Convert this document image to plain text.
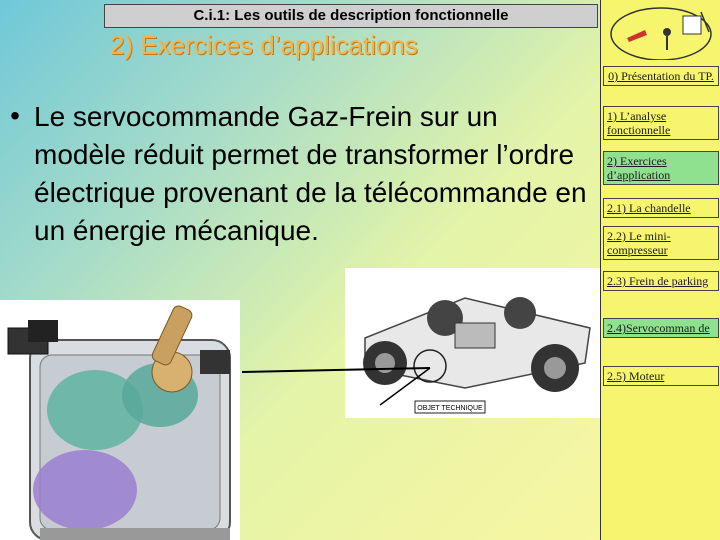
C.i.1: Les outils de description fonctionnelle
2) Exercices d’applications
• Le servocommande Gaz-Frein sur un modèle réduit permet de transformer l’ordre électrique provenant de la télécommande en un énergie mécanique.
OBJET TECHNIQUE
0) Présentation du TP.
1) L’analyse fonctionnelle
2) Exercices d’application
2.1) La chandelle
2.2) Le mini-compresseur
2.3) Frein de parking
2.4)Servocomman de
2.5) Moteur
